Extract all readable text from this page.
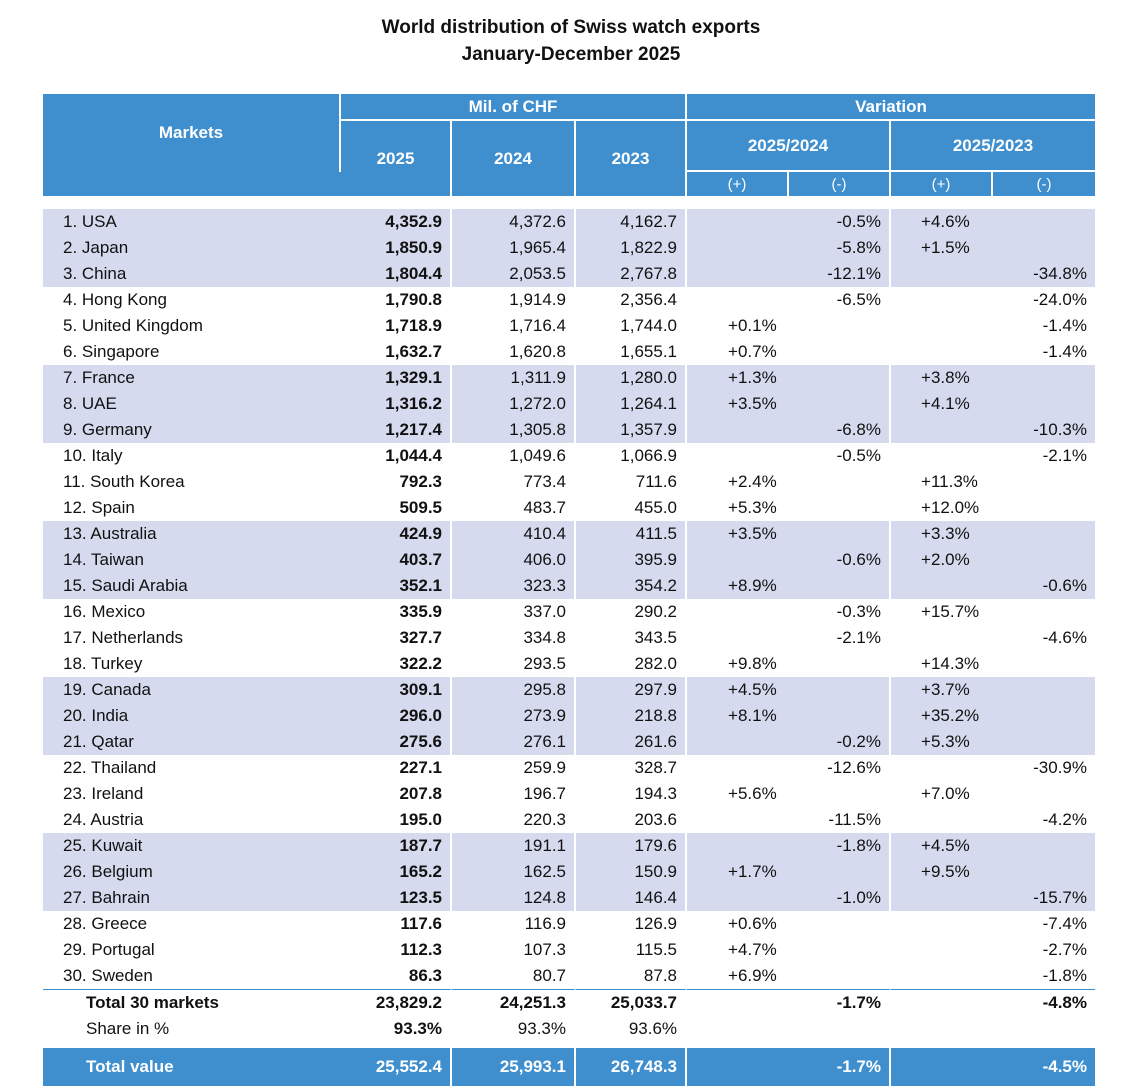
World distribution of Swiss watch exports
January-December 2025
Markets	Mil. of CHF			Variation			
	2025	2024	2023	2025/2024		2025/2023	
				(+)	(-)	(+)	(-)

1. USA	4,352.9	4,372.6	4,162.7		-0.5%	+4.6%	
2. Japan	1,850.9	1,965.4	1,822.9		-5.8%	+1.5%	
3. China	1,804.4	2,053.5	2,767.8		-12.1%		-34.8%
4. Hong Kong	1,790.8	1,914.9	2,356.4		-6.5%		-24.0%
5. United Kingdom	1,718.9	1,716.4	1,744.0	+0.1%			-1.4%
6. Singapore	1,632.7	1,620.8	1,655.1	+0.7%			-1.4%
7. France	1,329.1	1,311.9	1,280.0	+1.3%		+3.8%	
8. UAE	1,316.2	1,272.0	1,264.1	+3.5%		+4.1%	
9. Germany	1,217.4	1,305.8	1,357.9		-6.8%		-10.3%
10. Italy	1,044.4	1,049.6	1,066.9		-0.5%		-2.1%
11. South Korea	792.3	773.4	711.6	+2.4%		+11.3%	
12. Spain	509.5	483.7	455.0	+5.3%		+12.0%	
13. Australia	424.9	410.4	411.5	+3.5%		+3.3%	
14. Taiwan	403.7	406.0	395.9		-0.6%	+2.0%	
15. Saudi Arabia	352.1	323.3	354.2	+8.9%			-0.6%
16. Mexico	335.9	337.0	290.2		-0.3%	+15.7%	
17. Netherlands	327.7	334.8	343.5		-2.1%		-4.6%
18. Turkey	322.2	293.5	282.0	+9.8%		+14.3%	
19. Canada	309.1	295.8	297.9	+4.5%		+3.7%	
20. India	296.0	273.9	218.8	+8.1%		+35.2%	
21. Qatar	275.6	276.1	261.6		-0.2%	+5.3%	
22. Thailand	227.1	259.9	328.7		-12.6%		-30.9%
23. Ireland	207.8	196.7	194.3	+5.6%		+7.0%	
24. Austria	195.0	220.3	203.6		-11.5%		-4.2%
25. Kuwait	187.7	191.1	179.6		-1.8%	+4.5%	
26. Belgium	165.2	162.5	150.9	+1.7%		+9.5%	
27. Bahrain	123.5	124.8	146.4		-1.0%		-15.7%
28. Greece	117.6	116.9	126.9	+0.6%			-7.4%
29. Portugal	112.3	107.3	115.5	+4.7%			-2.7%
30. Sweden	86.3	80.7	87.8	+6.9%			-1.8%
Total 30 markets	23,829.2	24,251.3	25,033.7		-1.7%		-4.8%
Share in %	93.3%	93.3%	93.6%				

Total value	25,552.4	25,993.1	26,748.3		-1.7%		-4.5%
